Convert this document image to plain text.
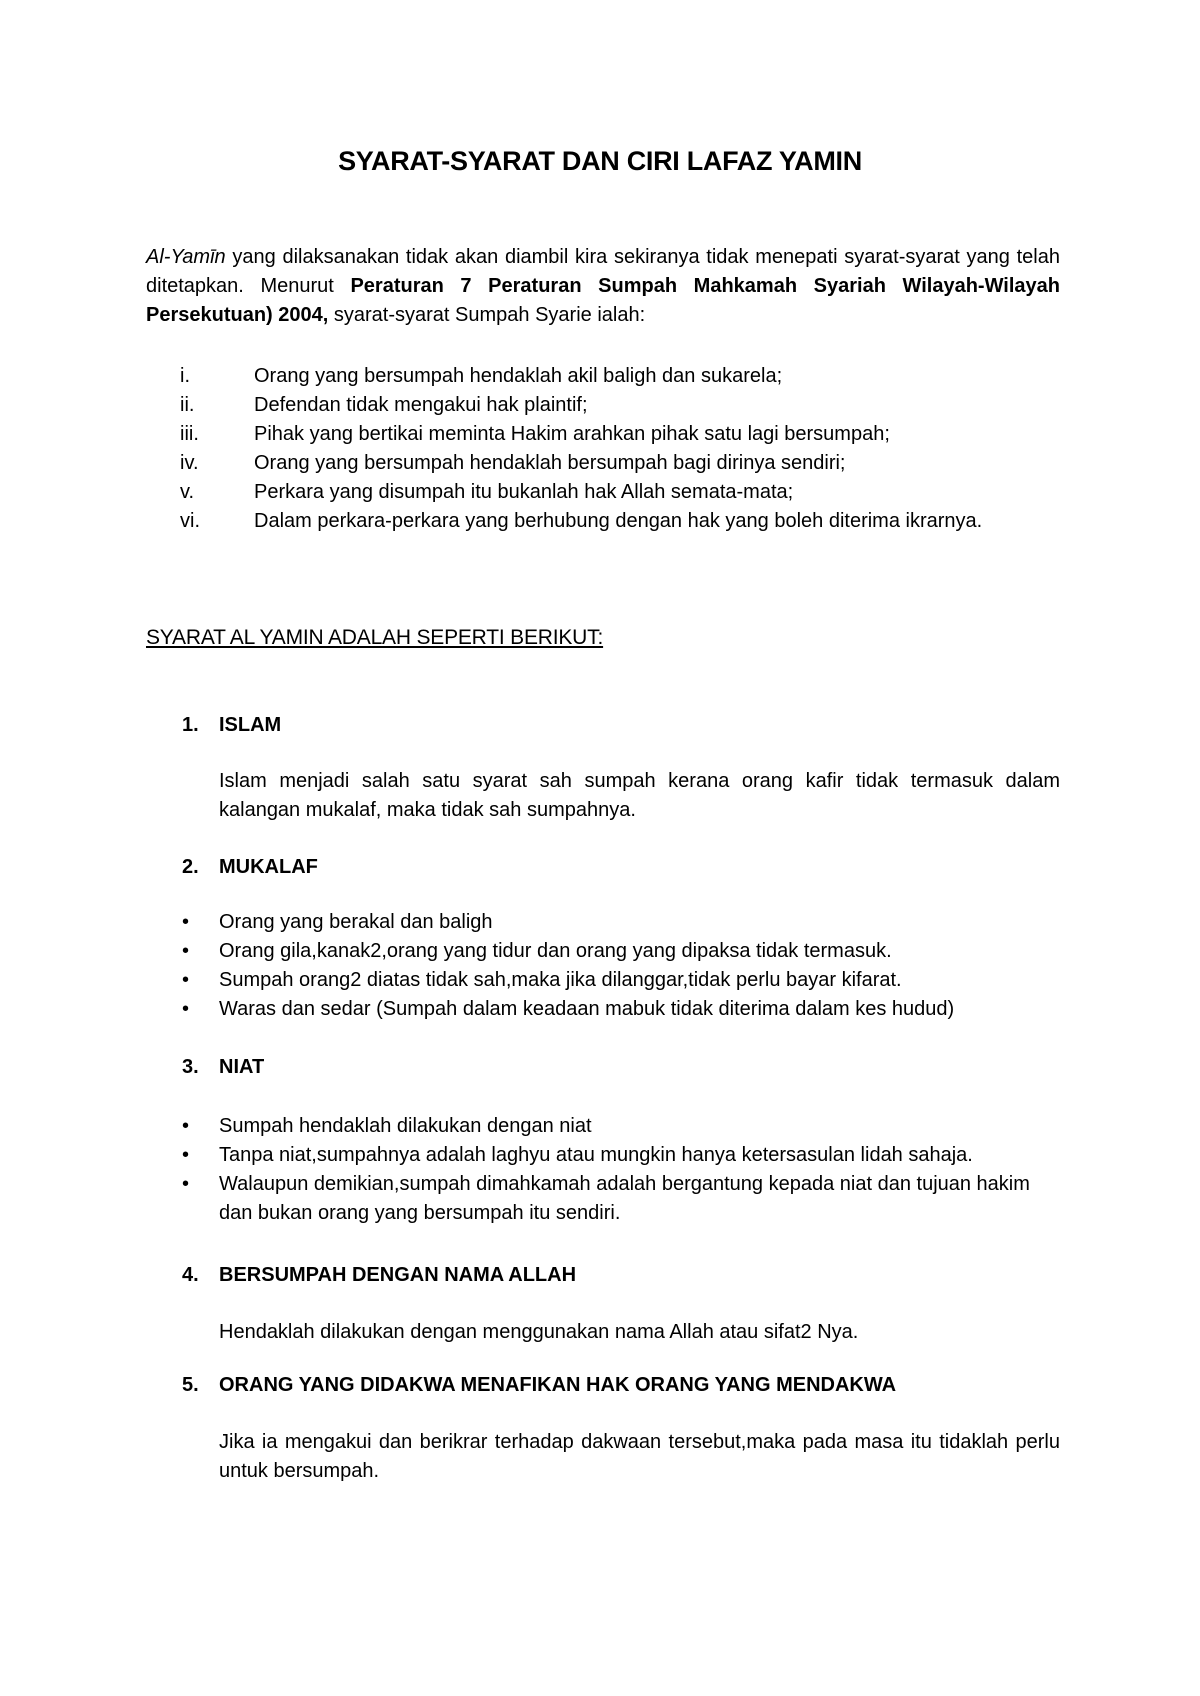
SYARAT-SYARAT DAN CIRI LAFAZ YAMIN
Al-Yamīn yang dilaksanakan tidak akan diambil kira sekiranya tidak menepati syarat-syarat yang telah ditetapkan. Menurut Peraturan 7 Peraturan Sumpah Mahkamah Syariah Wilayah-Wilayah Persekutuan) 2004, syarat-syarat Sumpah Syarie ialah:
i.	Orang yang bersumpah hendaklah akil baligh dan sukarela;
ii.	Defendan tidak mengakui hak plaintif;
iii.	Pihak yang bertikai meminta Hakim arahkan pihak satu lagi bersumpah;
iv.	Orang yang bersumpah hendaklah bersumpah bagi dirinya sendiri;
v.	Perkara yang disumpah itu bukanlah hak Allah semata-mata;
vi.	Dalam perkara-perkara yang berhubung dengan hak yang boleh diterima ikrarnya.
SYARAT AL YAMIN ADALAH SEPERTI BERIKUT:
1.	ISLAM
Islam menjadi salah satu syarat sah sumpah kerana orang kafir tidak termasuk dalam kalangan mukalaf, maka tidak sah sumpahnya.
2.	MUKALAF
•	Orang yang berakal dan baligh
•	Orang gila,kanak2,orang yang tidur dan orang yang dipaksa tidak termasuk.
•	Sumpah orang2 diatas tidak sah,maka jika dilanggar,tidak perlu bayar kifarat.
•	Waras dan sedar (Sumpah dalam keadaan mabuk tidak diterima dalam kes hudud)
3.	NIAT
•	Sumpah hendaklah dilakukan dengan niat
•	Tanpa niat,sumpahnya adalah laghyu atau mungkin hanya ketersasulan lidah sahaja.
•	Walaupun demikian,sumpah dimahkamah adalah bergantung kepada niat dan tujuan hakim dan bukan orang yang bersumpah itu sendiri.
4.	BERSUMPAH DENGAN NAMA ALLAH
Hendaklah dilakukan dengan menggunakan nama Allah atau sifat2 Nya.
5.	ORANG YANG DIDAKWA MENAFIKAN HAK ORANG YANG MENDAKWA
Jika ia mengakui dan berikrar terhadap dakwaan tersebut,maka pada masa itu tidaklah perlu untuk bersumpah.
